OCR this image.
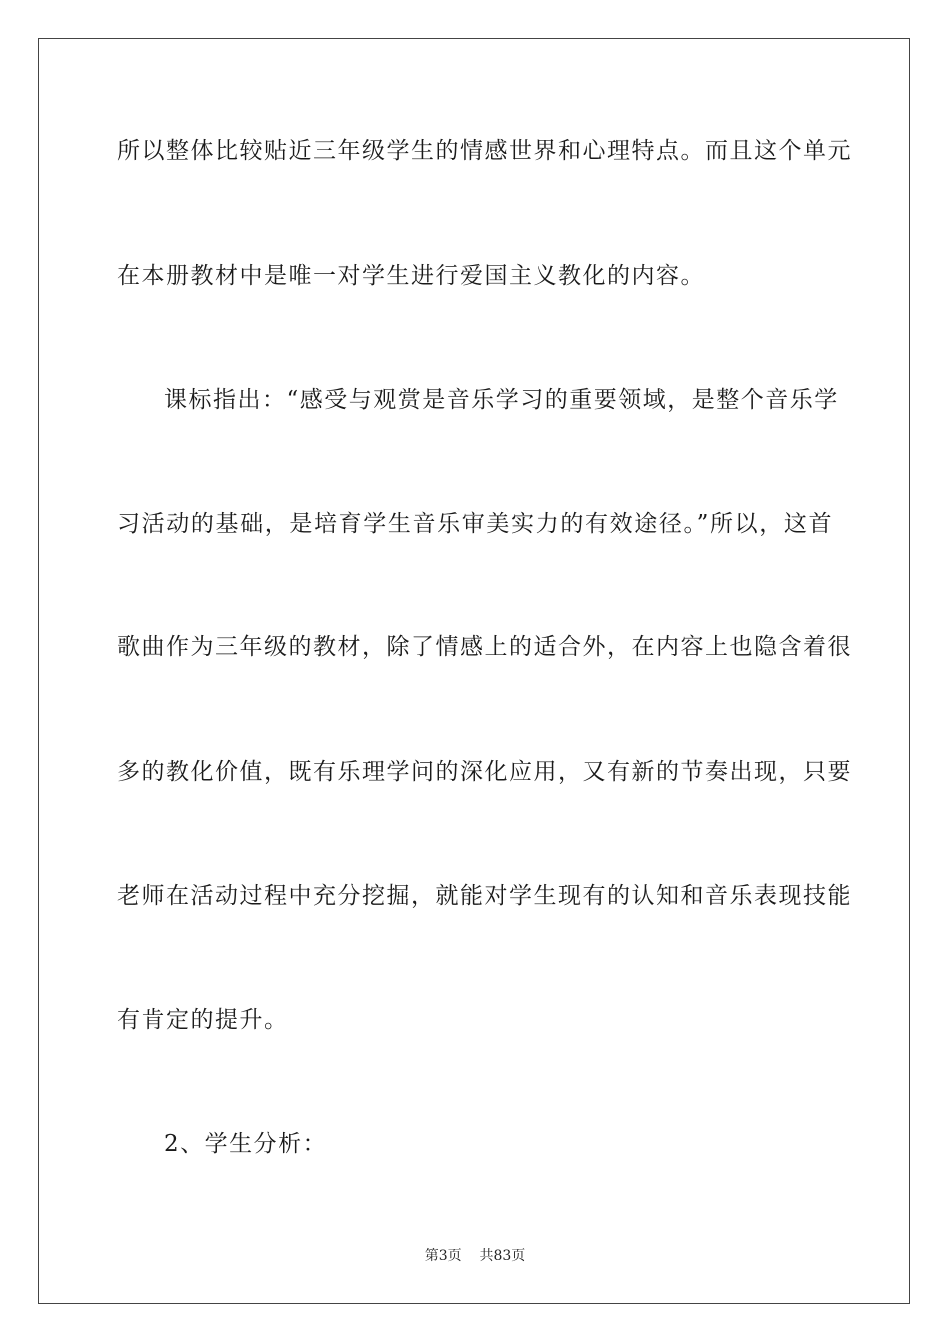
所以整体比较贴近三年级学生的情感世界和心理特点。而且这个单元
在本册教材中是唯一对学生进行爱国主义教化的内容。
课标指出：“感受与观赏是音乐学习的重要领域，是整个音乐学
习活动的基础，是培育学生音乐审美实力的有效途径。”所以，这首
歌曲作为三年级的教材，除了情感上的适合外，在内容上也隐含着很
多的教化价值，既有乐理学问的深化应用，又有新的节奏出现，只要
老师在活动过程中充分挖掘，就能对学生现有的认知和音乐表现技能
有肯定的提升。
2、学生分析：
第3页 共83页
